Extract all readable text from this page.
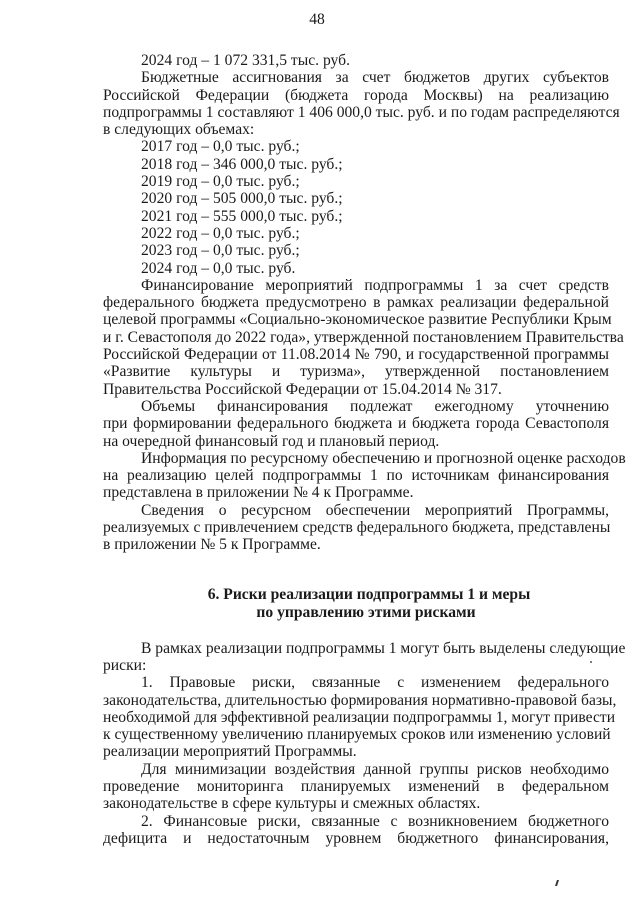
48
2024 год – 1 072 331,5 тыс. руб.
Бюджетные ассигнования за счет бюджетов других субъектов
Российской Федерации (бюджета города Москвы) на реализацию
подпрограммы 1 составляют 1 406 000,0 тыс. руб. и по годам распределяются
в следующих объемах:
2017 год – 0,0 тыс. руб.;
2018 год – 346 000,0 тыс. руб.;
2019 год – 0,0 тыс. руб.;
2020 год – 505 000,0 тыс. руб.;
2021 год – 555 000,0 тыс. руб.;
2022 год – 0,0 тыс. руб.;
2023 год – 0,0 тыс. руб.;
2024 год – 0,0 тыс. руб.
Финансирование мероприятий подпрограммы 1 за счет средств
федерального бюджета предусмотрено в рамках реализации федеральной
целевой программы «Социально-экономическое развитие Республики Крым
и г. Севастополя до 2022 года», утвержденной постановлением Правительства
Российской Федерации от 11.08.2014 № 790, и государственной программы
«Развитие культуры и туризма», утвержденной постановлением
Правительства Российской Федерации от 15.04.2014 № 317.
Объемы финансирования подлежат ежегодному уточнению
при формировании федерального бюджета и бюджета города Севастополя
на очередной финансовый год и плановый период.
Информация по ресурсному обеспечению и прогнозной оценке расходов
на реализацию целей подпрограммы 1 по источникам финансирования
представлена в приложении № 4 к Программе.
Сведения о ресурсном обеспечении мероприятий Программы,
реализуемых с привлечением средств федерального бюджета, представлены
в приложении № 5 к Программе.
6. Риски реализации подпрограммы 1 и меры
по управлению этими рисками
В рамках реализации подпрограммы 1 могут быть выделены следующие
риски:
1. Правовые риски, связанные с изменением федерального
законодательства, длительностью формирования нормативно-правовой базы,
необходимой для эффективной реализации подпрограммы 1, могут привести
к существенному увеличению планируемых сроков или изменению условий
реализации мероприятий Программы.
Для минимизации воздействия данной группы рисков необходимо
проведение мониторинга планируемых изменений в федеральном
законодательстве в сфере культуры и смежных областях.
2. Финансовые риски, связанные с возникновением бюджетного
дефицита и недостаточным уровнем бюджетного финансирования,
